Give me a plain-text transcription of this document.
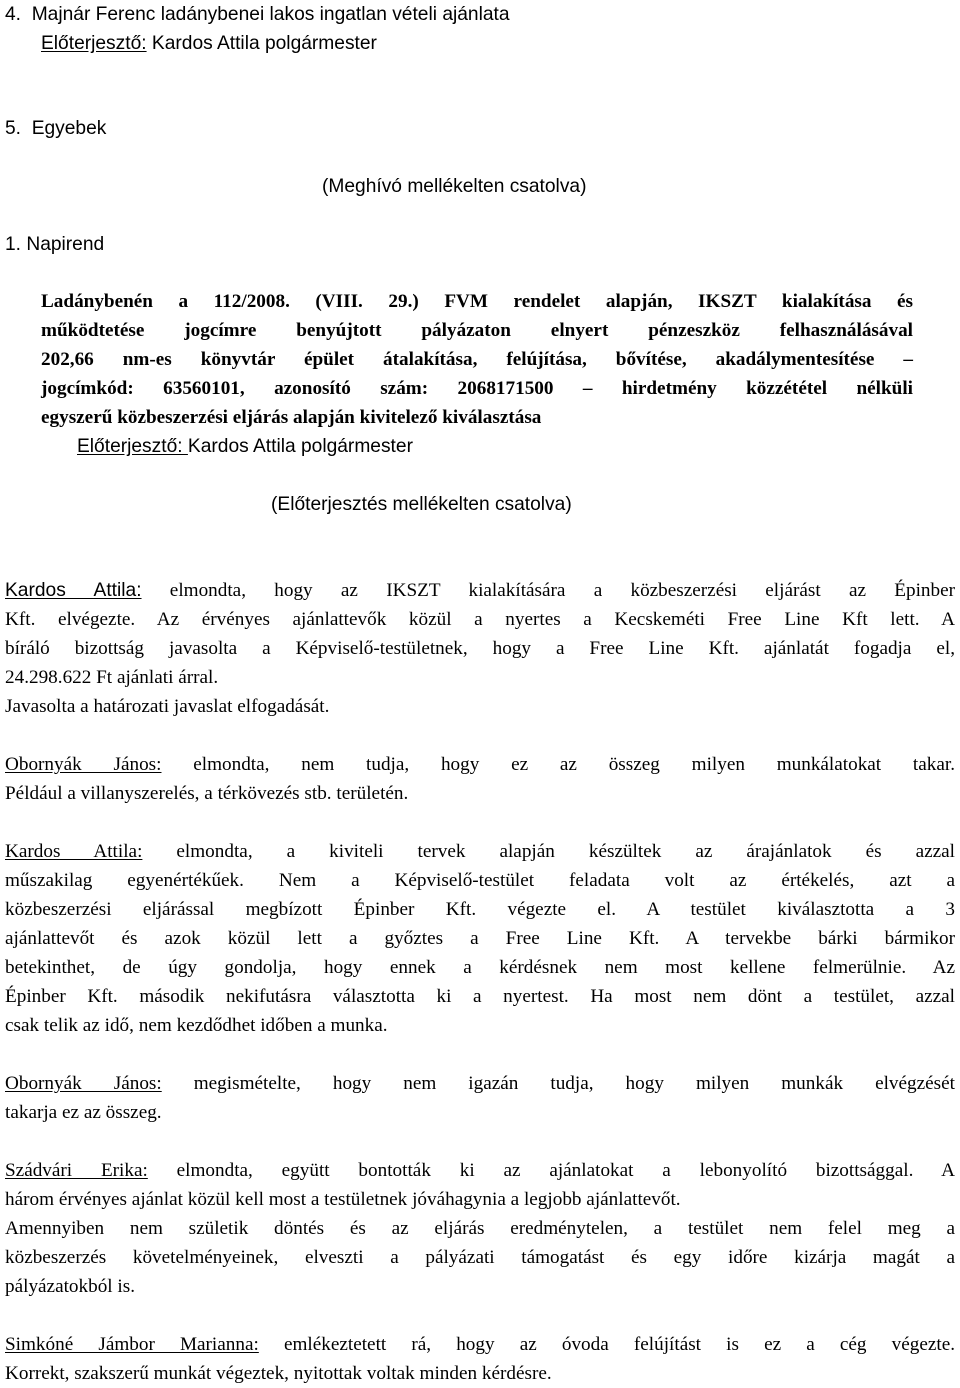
4. Majnár Ferenc ladánybenei lakos ingatlan vételi ajánlata
Előterjesztő: Kardos Attila polgármester
5. Egyebek
(Meghívó mellékelten csatolva)
1. Napirend
Ladánybenén a 112/2008. (VIII. 29.) FVM rendelet alapján, IKSZT kialakítása és
működtetése jogcímre benyújtott pályázaton elnyert pénzeszköz felhasználásával
202,66 nm-es könyvtár épület átalakítása, felújítása, bővítése, akadálymentesítése –
jogcímkód: 63560101, azonosító szám: 2068171500 – hirdetmény közzététel nélküli
egyszerű közbeszerzési eljárás alapján kivitelező kiválasztása
Előterjesztő: Kardos Attila polgármester
(Előterjesztés mellékelten csatolva)
Kardos Attila: elmondta, hogy az IKSZT kialakítására a közbeszerzési eljárást az Épinber
Kft. elvégezte. Az érvényes ajánlattevők közül a nyertes a Kecskeméti Free Line Kft lett. A
bíráló bizottság javasolta a Képviselő-testületnek, hogy a Free Line Kft. ajánlatát fogadja el,
24.298.622 Ft ajánlati árral.
Javasolta a határozati javaslat elfogadását.
Obornyák János: elmondta, nem tudja, hogy ez az összeg milyen munkálatokat takar.
Például a villanyszerelés, a térkövezés stb. területén.
Kardos Attila: elmondta, a kiviteli tervek alapján készültek az árajánlatok és azzal
műszakilag egyenértékűek. Nem a Képviselő-testület feladata volt az értékelés, azt a
közbeszerzési eljárással megbízott Épinber Kft. végezte el. A testület kiválasztotta a 3
ajánlattevőt és azok közül lett a győztes a Free Line Kft. A tervekbe bárki bármikor
betekinthet, de úgy gondolja, hogy ennek a kérdésnek nem most kellene felmerülnie. Az
Épinber Kft. második nekifutásra választotta ki a nyertest. Ha most nem dönt a testület, azzal
csak telik az idő, nem kezdődhet időben a munka.
Obornyák János: megismételte, hogy nem igazán tudja, hogy milyen munkák elvégzését
takarja ez az összeg.
Szádvári Erika: elmondta, együtt bontották ki az ajánlatokat a lebonyolító bizottsággal. A
három érvényes ajánlat közül kell most a testületnek jóváhagynia a legjobb ajánlattevőt.
Amennyiben nem születik döntés és az eljárás eredménytelen, a testület nem felel meg a
közbeszerzés követelményeinek, elveszti a pályázati támogatást és egy időre kizárja magát a
pályázatokból is.
Simkóné Jámbor Marianna: emlékeztetett rá, hogy az óvoda felújítást is ez a cég végezte.
Korrekt, szakszerű munkát végeztek, nyitottak voltak minden kérdésre.
